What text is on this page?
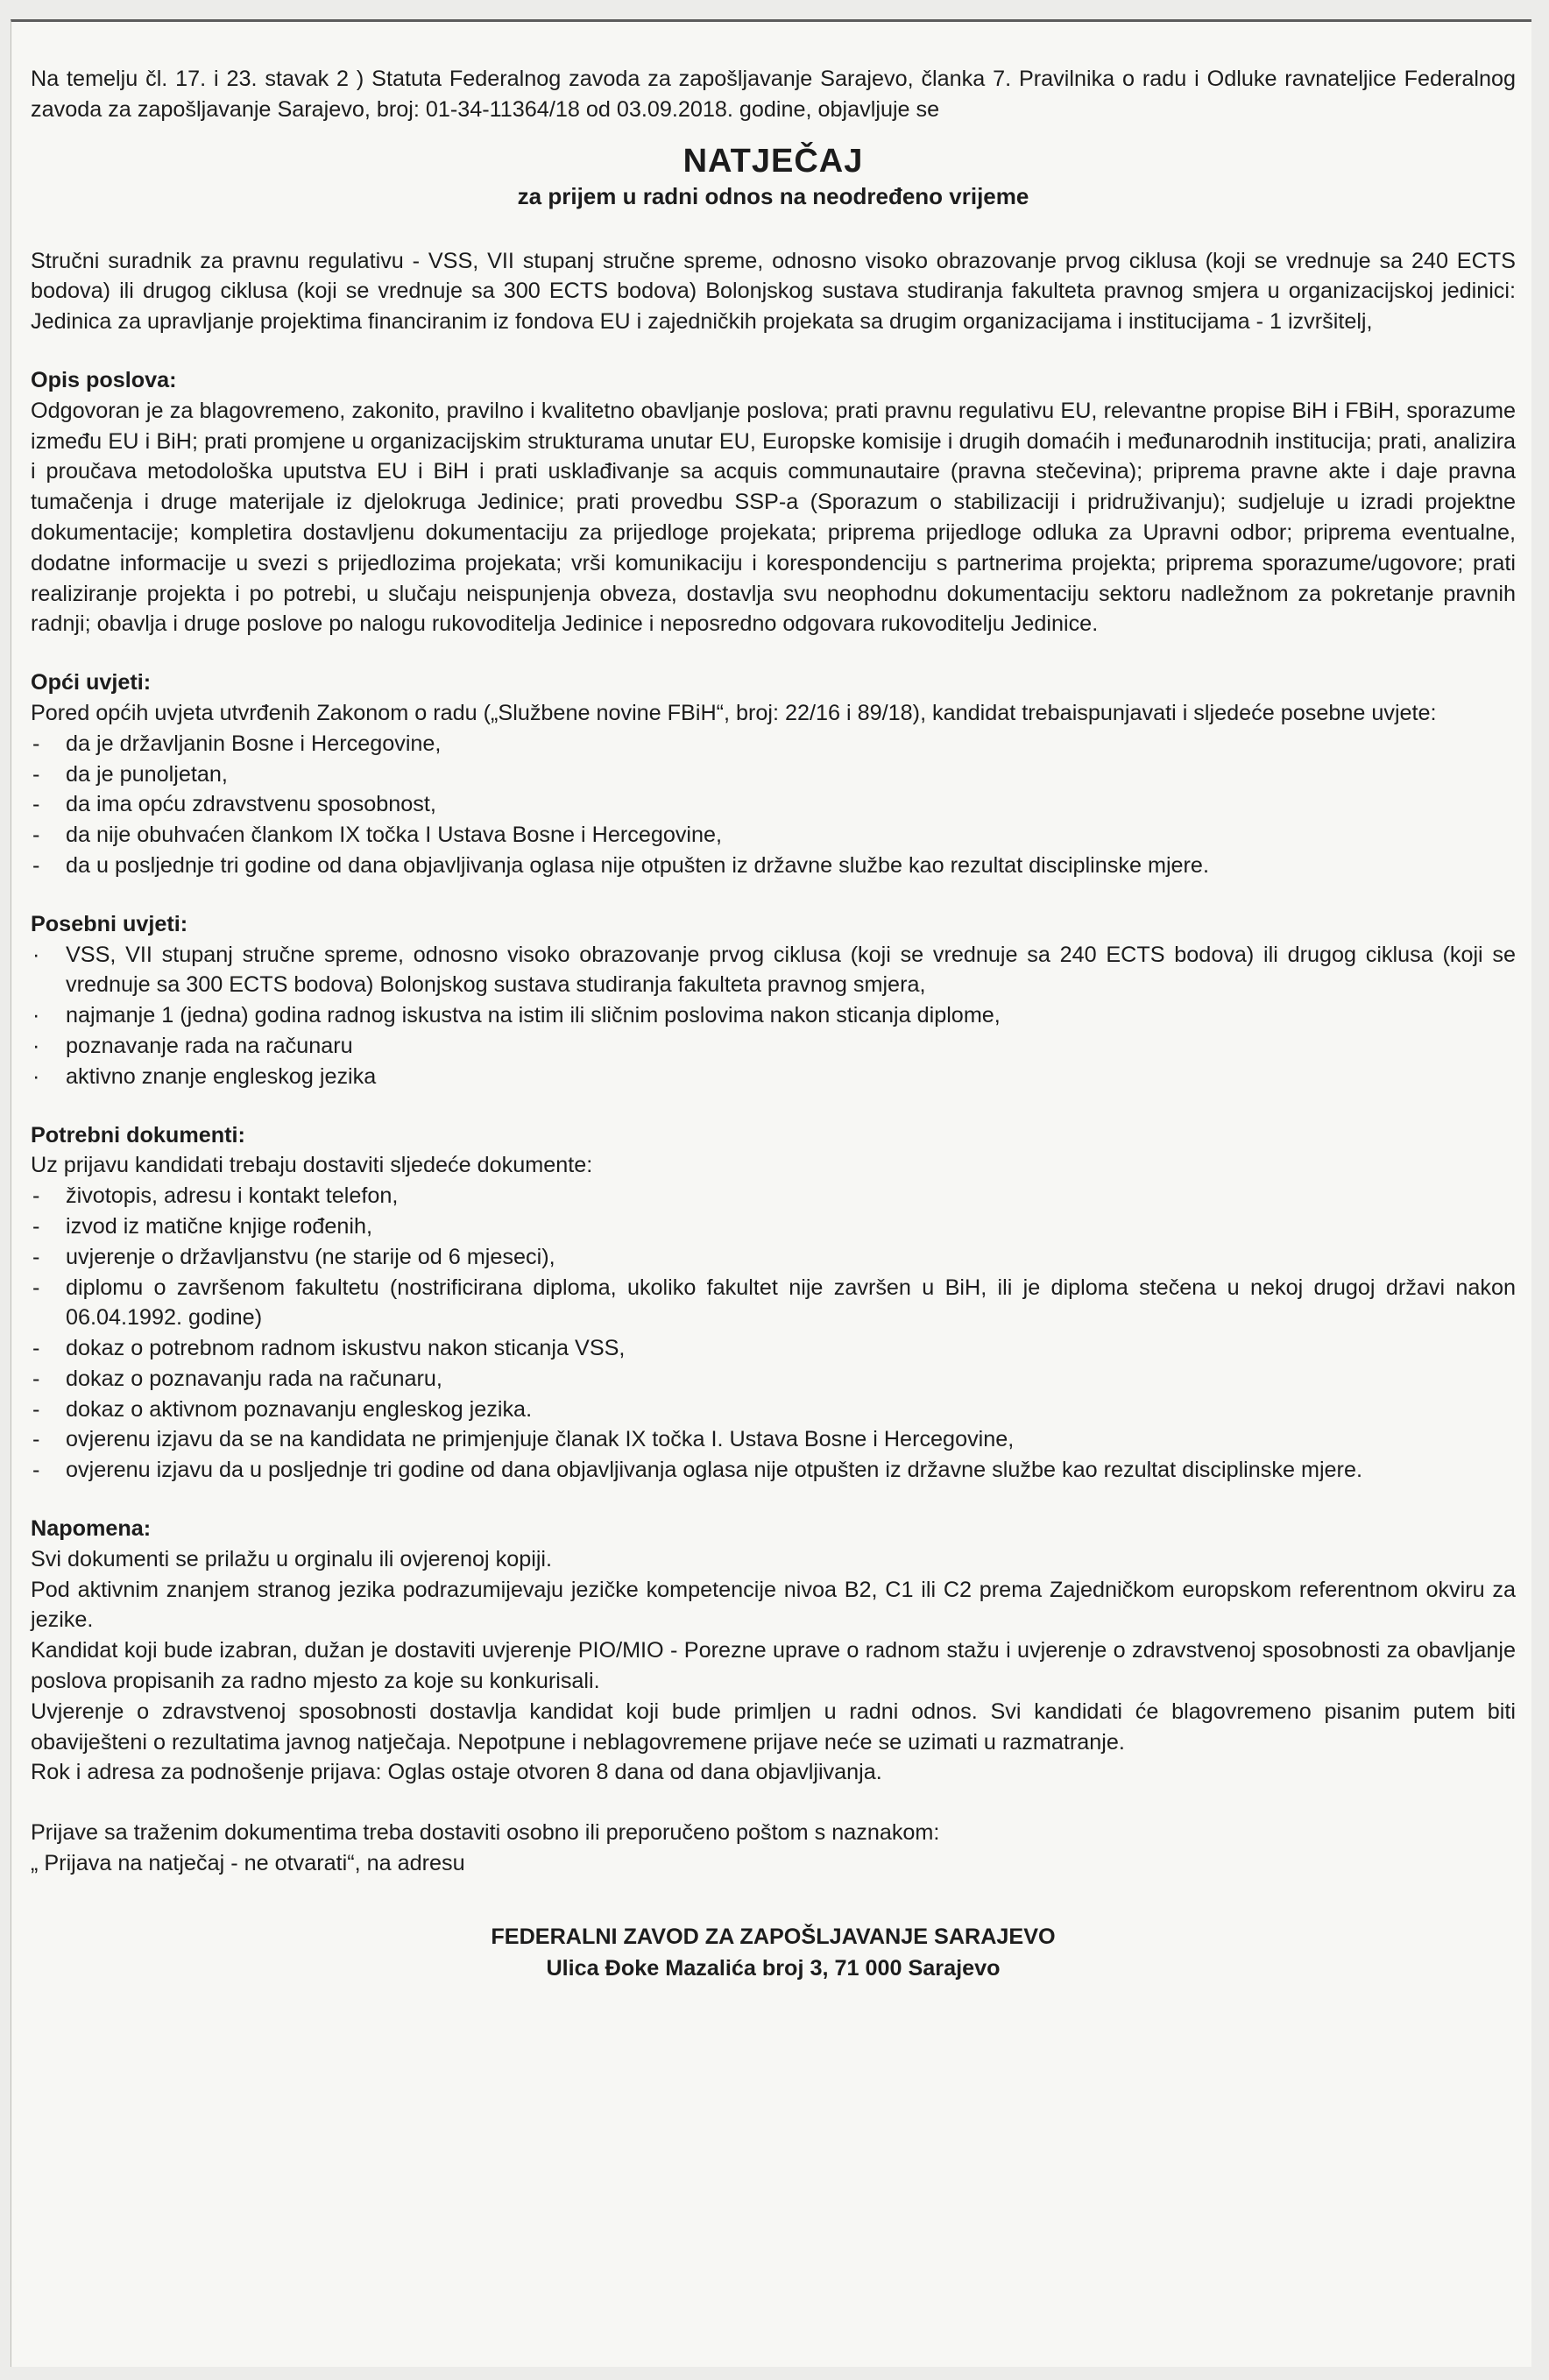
Na temelju čl. 17. i 23. stavak 2 ) Statuta Federalnog zavoda za zapošljavanje Sarajevo, članka 7. Pravilnika o radu i Odluke ravnateljice Federalnog zavoda za zapošljavanje Sarajevo, broj: 01-34-11364/18 od 03.09.2018. godine, objavljuje se

NATJEČAJ
za prijem u radni odnos na neodređeno vrijeme

Stručni suradnik za pravnu regulativu - VSS, VII stupanj stručne spreme, odnosno visoko obrazovanje prvog ciklusa (koji se vrednuje sa 240 ECTS bodova) ili drugog ciklusa (koji se vrednuje sa 300 ECTS bodova) Bolonjskog sustava studiranja fakulteta pravnog smjera u organizacijskoj jedinici: Jedinica za upravljanje projektima financiranim iz fondova EU i zajedničkih projekata sa drugim organizacijama i institucijama - 1 izvršitelj,

Opis poslova:

Odgovoran je za blagovremeno, zakonito, pravilno i kvalitetno obavljanje poslova; prati pravnu regulativu EU, relevantne propise BiH i FBiH, sporazume između EU i BiH; prati promjene u organizacijskim strukturama unutar EU, Europske komisije i drugih domaćih i međunarodnih institucija; prati, analizira i proučava metodološka uputstva EU i BiH i prati usklađivanje sa acquis communautaire (pravna stečevina); priprema pravne akte i daje pravna tumačenja i druge materijale iz djelokruga Jedinice; prati provedbu SSP-a (Sporazum o stabilizaciji i pridruživanju); sudjeluje u izradi projektne dokumentacije; kompletira dostavljenu dokumentaciju za prijedloge projekata; priprema prijedloge odluka za Upravni odbor; priprema eventualne, dodatne informacije u svezi s prijedlozima projekata; vrši komunikaciju i korespondenciju s partnerima projekta; priprema sporazume/ugovore; prati realiziranje projekta i po potrebi, u slučaju neispunjenja obveza, dostavlja svu neophodnu dokumentaciju sektoru nadležnom za pokretanje pravnih radnji; obavlja i druge poslove po nalogu rukovoditelja Jedinice i neposredno odgovara rukovoditelju Jedinice.

Opći uvjeti:

Pored općih uvjeta utvrđenih Zakonom o radu („Službene novine FBiH“, broj: 22/16 i 89/18), kandidat trebaispunjavati i sljedeće posebne uvjete:

- da je državljanin Bosne i Hercegovine,
- da je punoljetan,
- da ima opću zdravstvenu sposobnost,
- da nije obuhvaćen člankom IX točka I Ustava Bosne i Hercegovine,
- da u posljednje tri godine od dana objavljivanja oglasa nije otpušten iz državne službe kao rezultat disciplinske mjere.
Posebni uvjeti:
· VSS, VII stupanj stručne spreme, odnosno visoko obrazovanje prvog ciklusa (koji se vrednuje sa 240 ECTS bodova) ili drugog ciklusa (koji se vrednuje sa 300 ECTS bodova) Bolonjskog sustava studiranja fakulteta pravnog smjera,
· najmanje 1 (jedna) godina radnog iskustva na istim ili sličnim poslovima nakon sticanja diplome,
· poznavanje rada na računaru
· aktivno znanje engleskog jezika
Potrebni dokumenti:

Uz prijavu kandidati trebaju dostaviti sljedeće dokumente:

- životopis, adresu i kontakt telefon,
- izvod iz matične knjige rođenih,
- uvjerenje o državljanstvu (ne starije od 6 mjeseci),
- diplomu o završenom fakultetu (nostrificirana diploma, ukoliko fakultet nije završen u BiH, ili je diploma stečena u nekoj drugoj državi nakon 06.04.1992. godine)
- dokaz o potrebnom radnom iskustvu nakon sticanja VSS,
- dokaz o poznavanju rada na računaru,
- dokaz o aktivnom poznavanju engleskog jezika.
- ovjerenu izjavu da se na kandidata ne primjenjuje članak IX točka I. Ustava Bosne i Hercegovine,
- ovjerenu izjavu da u posljednje tri godine od dana objavljivanja oglasa nije otpušten iz državne službe kao rezultat disciplinske mjere.
Napomena:

Svi dokumenti se prilažu u orginalu ili ovjerenoj kopiji.

Pod aktivnim znanjem stranog jezika podrazumijevaju jezičke kompetencije nivoa B2, C1 ili C2 prema Zajedničkom europskom referentnom okviru za jezike.

Kandidat koji bude izabran, dužan je dostaviti uvjerenje PIO/MIO - Porezne uprave o radnom stažu i uvjerenje o zdravstvenoj sposobnosti za obavljanje poslova propisanih za radno mjesto za koje su konkurisali.

Uvjerenje o zdravstvenoj sposobnosti dostavlja kandidat koji bude primljen u radni odnos. Svi kandidati će blagovremeno pisanim putem biti obaviješteni o rezultatima javnog natječaja. Nepotpune i neblagovremene prijave neće se uzimati u razmatranje.

Rok i adresa za podnošenje prijava: Oglas ostaje otvoren 8 dana od dana objavljivanja.

Prijave sa traženim dokumentima treba dostaviti osobno ili preporučeno poštom s naznakom:

„ Prijava na natječaj - ne otvarati“, na adresu

FEDERALNI ZAVOD ZA ZAPOŠLJAVANJE SARAJEVO
Ulica Đoke Mazalića broj 3, 71 000 Sarajevo
